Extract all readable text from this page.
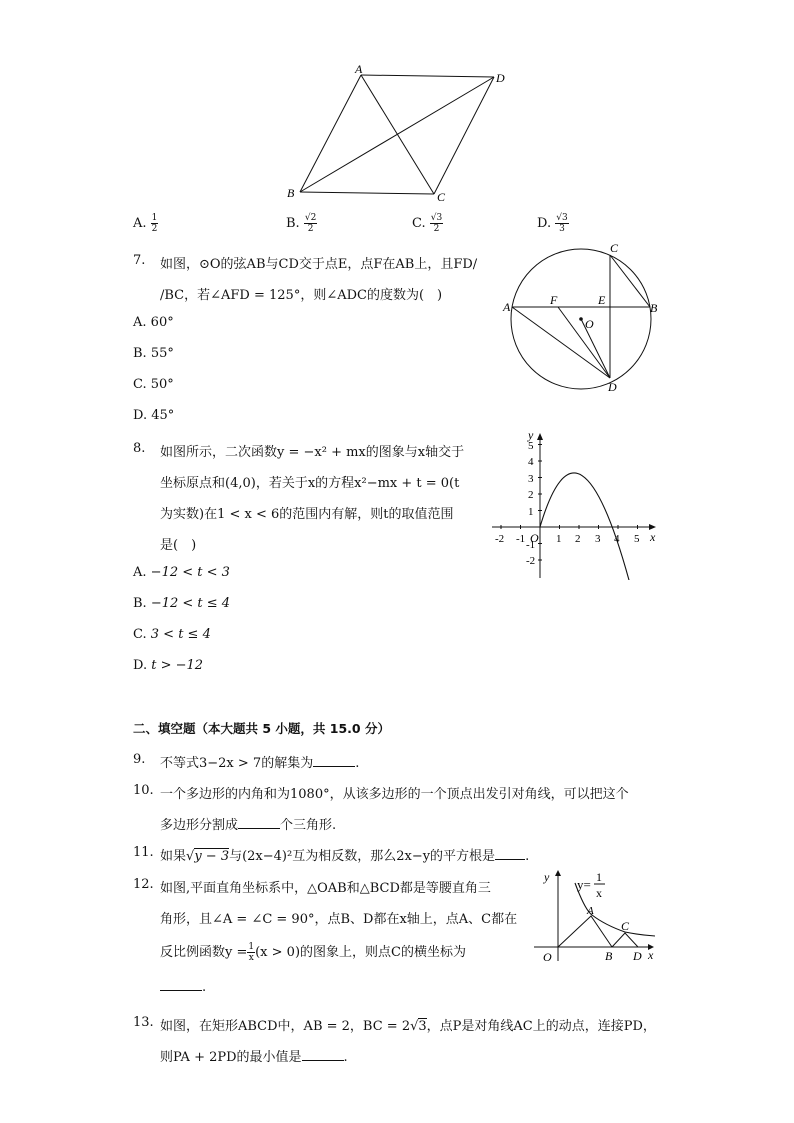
A
D
B	C
A. $\frac{1}{2}$	B. $\frac{√2}{2}$	C. $\frac{√3}{2}$	D. $\frac{√3}{3}$
7. 如图，⊙O的弦AB与CD交于点E，点F在AB上，且FD/
/BC，若∠AFD = 125°，则∠ADC的度数为(　)
A. 60°
B. 55°
C. 50°
D. 45°
A	B
C
D
E
F
O
8. 如图所示，二次函数y = −x² + mx的图象与x轴交于
坐标原点和(4,0)，若关于x的方程x²−mx + t = 0(t
为实数)在1 < x < 6的范围内有解，则t的取值范围
是(　)
A. −12 < t < 3
B. −12 < t ≤ 4
C. 3 < t ≤ 4
D. t > −12
y
x
O
-2 -1	1 2 3 4 5
5
4
3
2
1
-1
-2
二、填空题（本大题共 5 小题，共 15.0 分）
9. 不等式3−2x > 7的解集为	.
10. 一个多边形的内角和为1080°，从该多边形的一个顶点出发引对角线，可以把这个
多边形分割成	个三角形.
11. 如果√y − 3与(2x−4)²互为相反数，那么2x−y的平方根是 .
12. 如图,平面直角坐标系中，△OAB和△BCD都是等腰直角三
角形，且∠A = ∠C = 90°，点B、D都在x轴上，点A、C都在
反比例函数$y = \frac{1}{x} (x > 0)$的图象上，则点C的横坐标为
.
y
x
y= 1
x
O
A
B
C
D
13. 如图，在矩形ABCD中，AB = 2，BC = 2√3，点P是对角线AC上的动点，连接PD，
则PA + 2PD的最小值是	.
